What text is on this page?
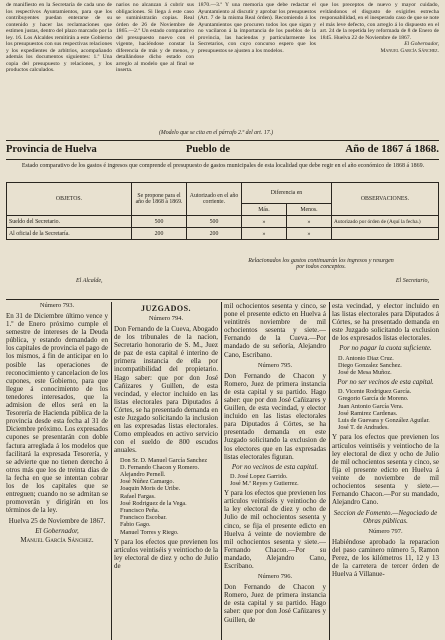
de manifiesto en la Secretaría de cada uno de los respectivos Ayuntamientos, para que los contribuyentes puedan enterarse de su contenido y hacer las reclamaciones que estimen justas, dentro del plazo marcado por la ley. 16. Los Alcaldes remitirán a este Gobierno los presupuestos con sus respectivas relaciones y los expedientes de arbitrios, acompañando además los documentos siguientes: 1.º Una copia del presupuesto y relaciones, y los productos calculados.
narios no alcanzan á cubrir sus obligaciones. Si llega á este caso se suministrarán copias. Real órden de 26 de Noviembre de 1865.—2.º Un estado comparativo del presupuesto nuevo con el vigente, haciéndose constar la diferencia de más y de menos, y detallándose dicho estado con arreglo al modelo que al final se inserta.
1870.—3.º Y una memoria que debe redactar el Ayuntamiento al discutir y aprobar los presupuestos (Art. 7 de la misma Real órden). Recomiendo á los Ayuntamientos que procuren todos los que sigan y no vacilaron á la importancia de los pueblos de la provincia, las haciendas y particularmente los Secretarios, con cuyo concurso espero que los presupuestos se ajusten a los modelos.
que los preceptos de nuevo y mayor cuidado, evitándonos el disgusto de exigirles estrecha responsabilidad, en el inesperado caso de que se note el más leve defecto, con arreglo á lo dispuesto en el art. 24 de la repetida ley reformada de 8 de Enero de 1845. Huelva 22 de Noviembre de 1867.
El Gobernador,
Manuel García Sánchez.
(Modelo que se cita en el párrafo 2.º del art. 17.)
Provincia de Huelva	Pueblo de	Año de 1867 á 1868.
Estado comparativo de los gastos é ingresos que comprende el presupuesto de gastos municipales de esta localidad que debe regir en el año económico de 1868 á 1869.
OBJETOS.	Se propone para el año de 1868 á 1869.	Autorizado en el año corriente.	Diferencia en		OBSERVACIONES.
			Más.	Menos.	
Sueldo del Secretario.	500	500	»	»	Autorizado por órden de (Aquí la fecha.)
Al oficial de la Secretaría.	200	200	»	»	
Relacionados los gastos continuarán los ingresos y resurgen por todos conceptos.
El Alcalde,	El Secretario,
Número 793.
En 31 de Diciembre último vence y 1.º de Enero próximo cumple el semestre de intereses de la Deuda pública, y estando demandado en los capitales de provincia el pago de los mismos, á fin de anticipar en lo posible las operaciones de reconocimiento y cancelacion de los cupones, este Gobierno, para que llegue á conocimiento de los tenedores interesados, que la admision de ellos será en la Tesorería de Hacienda pública de la provincia desde esta fecha al 31 de Diciembre próximo. Los expresados cupones se presentarán con doble factura arreglada á los modelos que facilitará la expresada Tesorería, y se advierte que no tienen derecho á otros más que los de treinta dias de la fecha en que se intentan cobrar los de los capitales que se entreguen; cuando no se admitan se promoverán y dirigirán en los términos de la ley.
Huelva 25 de Noviembre de 1867.
El Gobernador,
Manuel García Sánchez.
JUZGADOS.
Número 794.
Don Fernando de la Cueva, Abogado de los tribunales de la nacion, Secretario honorario de S. M., Juez de paz de esta capital é interino de primera instancia de ella por incompatibilidad del propietario. Hago saber: que por don José Cañizares y Guillen, de esta vecindad, y elector incluido en las listas electorales para Diputados á Córtes, se ha presentado demanda en este Juzgado solicitando la inclusion en las expresadas listas electorales. Como empleados en activo servicio con el sueldo de 800 escudos anuales.
Don Sr. D. Manuel García Sanchez
D. Fernando Chacon y Romero.
Alejandro Pernell.
José Núñez Camargo.
Joaquin Moris de Uribe.
Rafael Fargas.
José Rodriguez de la Vega.
Francisco Peña.
Francisco Escobar.
Fabio Gago.
Manuel Torres y Riego.
Y para los efectos que previenen los artículos veintiséis y veintiocho de la ley electoral de diez y ocho de Julio de
mil ochocientos sesenta y cinco, se pone el presente edicto en Huelva á veintitrés noviembre de mil ochocientos sesenta y siete.—Fernando de la Cueva.—Por mandado de su señoría, Alejandro Cano, Escribano.
Número 795.
Don Fernando de Chacon y Romero, Juez de primera instancia de esta capital y su partido. Hago saber: que por don José Cañizares y Guillen, de esta vecindad, y elector incluido en las listas electorales para Diputados á Córtes, se ha presentado demanda en este Juzgado solicitando la exclusion de los electores que en las expresadas listas electorales figuran.
Por no vecinos de esta capital.
D. José Lopez Garrido.
José M.ª Reyes y Gutierrez.
Y para los efectos que previenen los artículos veintiséis y veintiocho de la ley electoral de diez y ocho de Julio de mil ochocientos sesenta y cinco, se fija el presente edicto en Huelva á veinte de noviembre de mil ochocientos sesenta y siete.—Fernando Chacon.—Por su mandado, Alejandro Cano, Escribano.
Número 796.
Don Fernando de Chacon y Romero, Juez de primera instancia de esta capital y su partido. Hago saber: que por don José Cañizares y Guillen, de
esta vecindad, y elector incluido en las listas electorales para Diputados á Córtes, se ha presentado demanda en este Juzgado solicitando la exclusion de los expresados listas electorales.
Por no pagar la cuota suficiente.
D. Antonio Diaz Cruz.
Diego Gonzalez Sanchez.
José de Mesa Muñoz.
Por no ser vecinos de esta capital.
D. Vicente Rodriguez García.
Gregorio García de Moreno.
Juan Antonio García Vera.
José Ramirez Cardenas.
Luis de Guevara y González Aguilar.
José T. de Andrades.
Y para los efectos que previenen los artículos veintiséis y veintiocho de la ley electoral de diez y ocho de Julio de mil ochocientos sesenta y cinco, se fija el presente edicto en Huelva á veinte de noviembre de mil ochocientos sesenta y siete.—Fernando Chacon.—Por su mandado, Alejandro Cano.
Seccion de Fomento.—Negociado de Obras públicas.
Número 797.
Habiéndose aprobado la reparacion del paso caminero número 5, Ramon Perez, de los kilómetros 11, 12 y 13 de la carretera de tercer órden de Huelva á Villanue-
